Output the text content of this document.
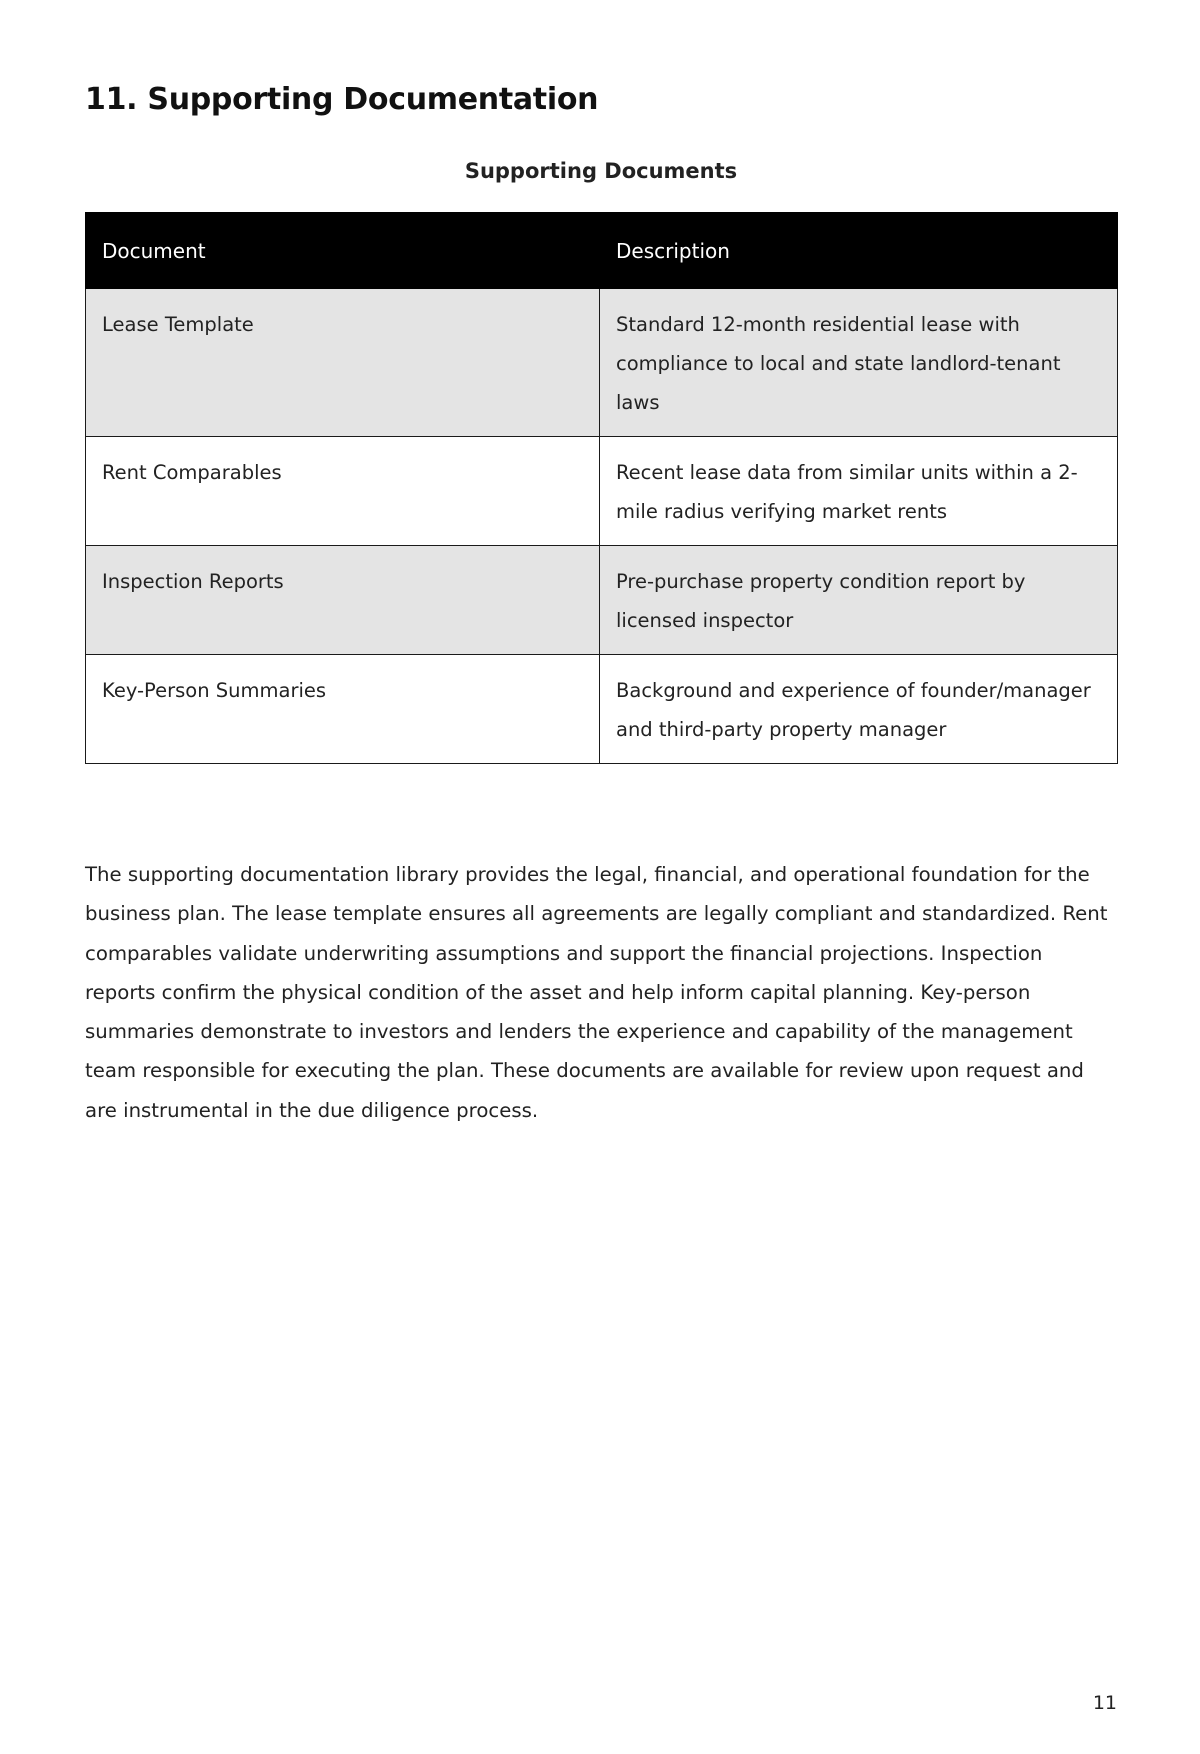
11. Supporting Documentation
Supporting Documents
Document	Description
Lease Template	Standard 12-month residential lease with compliance to local and state landlord-tenant laws
Rent Comparables	Recent lease data from similar units within a 2-mile radius verifying market rents
Inspection Reports	Pre-purchase property condition report by licensed inspector
Key-Person Summaries	Background and experience of founder/manager and third-party property manager

The supporting documentation library provides the legal, financial, and operational foundation for the business plan. The lease template ensures all agreements are legally compliant and standardized. Rent comparables validate underwriting assumptions and support the financial projections. Inspection reports confirm the physical condition of the asset and help inform capital planning. Key-person summaries demonstrate to investors and lenders the experience and capability of the management team responsible for executing the plan. These documents are available for review upon request and are instrumental in the due diligence process.

11
